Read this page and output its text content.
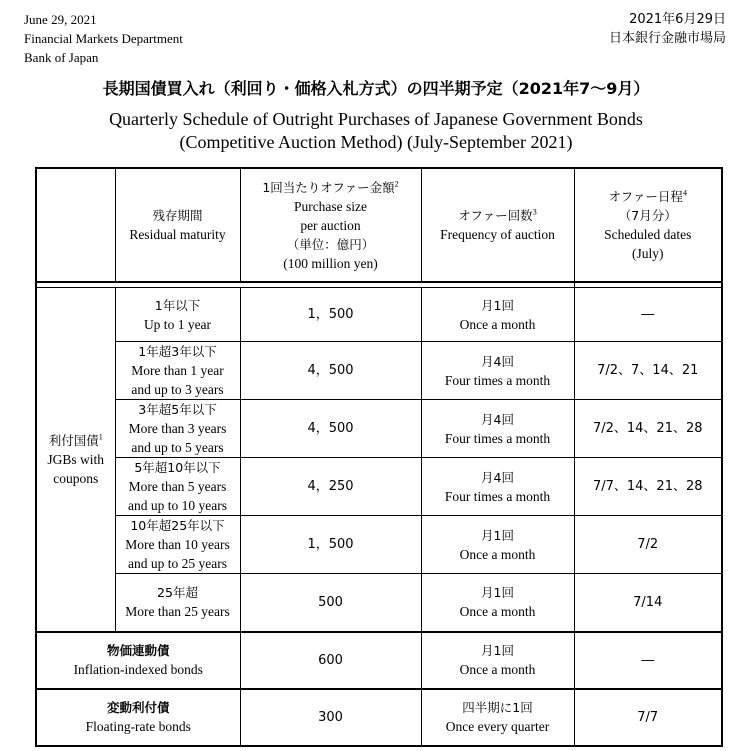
June 29, 2021
Financial Markets Department
Bank of Japan
2021年6月29日
日本銀行金融市場局
長期国債買入れ（利回り・価格入札方式）の四半期予定（2021年7〜9月）
Quarterly Schedule of Outright Purchases of Japanese Government Bonds
(Competitive Auction Method) (July-September 2021)

	残存期間
Residual maturity	1回当たりオファー金額$^2$
Purchase size
per auction
（単位：億円）
(100 million yen)	オファー回数$^3$
Frequency of auction	オファー日程$^4$
（7月分）
Scheduled dates
(July)

利付国債$^1$
JGBs with
coupons	1年以下
Up to 1 year	1，500	月1回
Once a month	―

	1年超3年以下
More than 1 year
and up to 3 years	4，500	月4回
Four times a month	7/2、7、14、21

	3年超5年以下
More than 3 years
and up to 5 years	4，500	月4回
Four times a month	7/2、14、21、28

	5年超10年以下
More than 5 years
and up to 10 years	4，250	月4回
Four times a month	7/7、14、21、28

	10年超25年以下
More than 10 years
and up to 25 years	1，500	月1回
Once a month	7/2

	25年超
More than 25 years	500	月1回
Once a month	7/14

物価連動債
Inflation-indexed bonds		600	月1回
Once a month	―

変動利付債
Floating-rate bonds		300	四半期に1回
Once every quarter	7/7
